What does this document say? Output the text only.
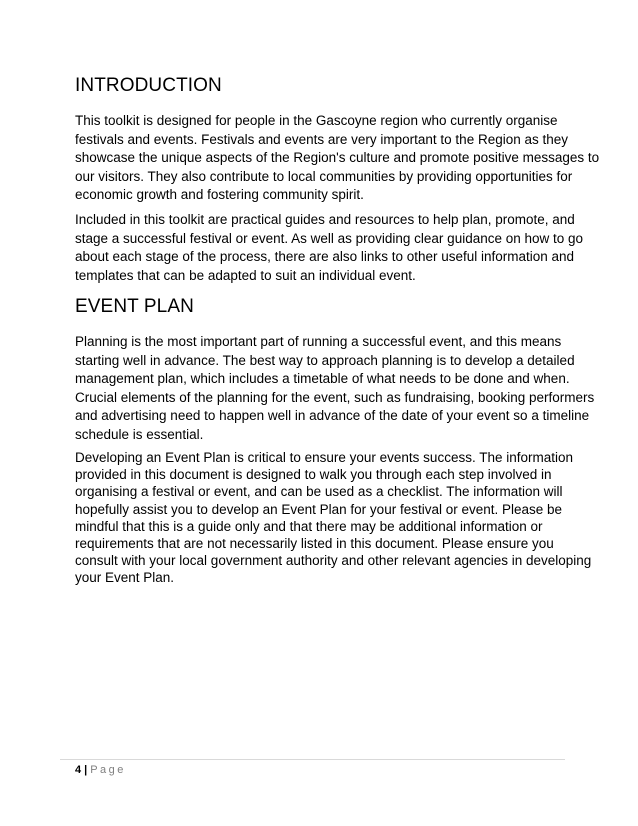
INTRODUCTION

This toolkit is designed for people in the Gascoyne region who currently organise
festivals and events. Festivals and events are very important to the Region as they
showcase the unique aspects of the Region's culture and promote positive messages to
our visitors. They also contribute to local communities by providing opportunities for
economic growth and fostering community spirit.

Included in this toolkit are practical guides and resources to help plan, promote, and
stage a successful festival or event. As well as providing clear guidance on how to go
about each stage of the process, there are also links to other useful information and
templates that can be adapted to suit an individual event.

EVENT PLAN

Planning is the most important part of running a successful event, and this means
starting well in advance. The best way to approach planning is to develop a detailed
management plan, which includes a timetable of what needs to be done and when.
Crucial elements of the planning for the event, such as fundraising, booking performers
and advertising need to happen well in advance of the date of your event so a timeline
schedule is essential.

Developing an Event Plan is critical to ensure your events success. The information
provided in this document is designed to walk you through each step involved in
organising a festival or event, and can be used as a checklist. The information will
hopefully assist you to develop an Event Plan for your festival or event. Please be
mindful that this is a guide only and that there may be additional information or
requirements that are not necessarily listed in this document. Please ensure you
consult with your local government authority and other relevant agencies in developing
your Event Plan.

4 | Page
